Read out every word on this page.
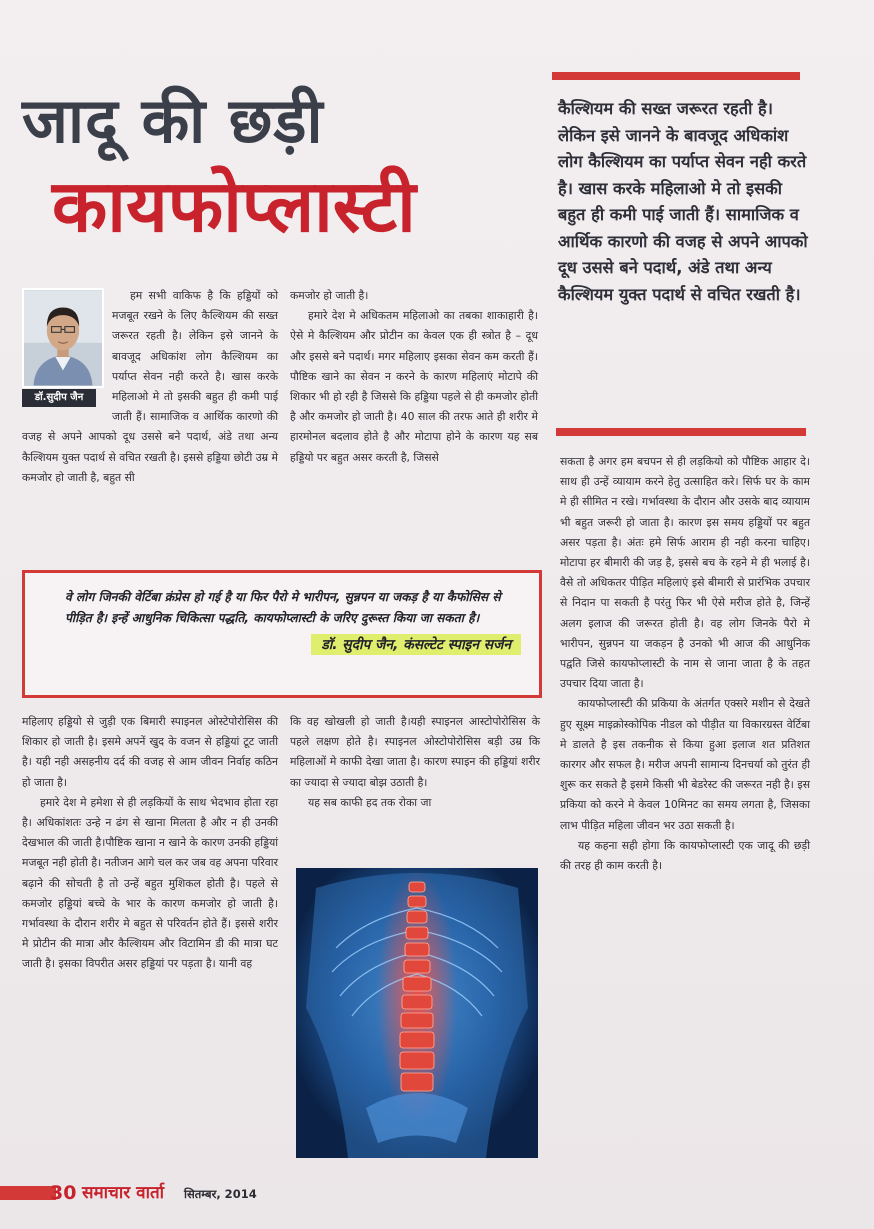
जादू की छड़ी
कायफोप्लास्टी
कैल्शियम की सख्त जरूरत रहती है। लेकिन इसे जानने के बावजूद अधिकांश लोग कैल्शियम का पर्याप्त सेवन नही करते है। खास करके महिलाओ मे तो इसकी बहुत ही कमी पाई जाती हैं। सामाजिक व आर्थिक कारणो की वजह से अपने आपको दूध उससे बने पदार्थ, अंडे तथा अन्य कैल्शियम युक्त पदार्थ से वचित रखती है।
डॉ.सुदीप जैन

हम सभी वाकिफ है कि हड्डियों को मजबूत रखने के लिए कैल्शियम की सख्त जरूरत रहती है। लेकिन इसे जानने के बावजूद अधिकांश लोग कैल्शियम का पर्याप्त सेवन नही करते है। खास करके महिलाओ मे तो इसकी बहुत ही कमी पाई जाती हैं। सामाजिक व आर्थिक कारणो की वजह से अपने आपको दूध उससे बने पदार्थ, अंडे तथा अन्य कैल्शियम युक्त पदार्थ से वचित रखती है। इससे हड्डिया छोटी उम्र मे कमजोर हो जाती है, बहुत सी

कमजोर हो जाती है।

हमारे देश मे अधिकतम महिलाओ का तबका शाकाहारी है। ऐसे मे कैल्शियम और प्रोटीन का केवल एक ही स्त्रोत है – दूध और इससे बने पदार्थ। मगर महिलाए इसका सेवन कम करती हैं। पौष्टिक खाने का सेवन न करने के कारण महिलाएं मोटापे की शिकार भी हो रही है जिससे कि हड्डिया पहले से ही कमजोर होती है और कमजोर हो जाती है। 40 साल की तरफ आते ही शरीर मे हारमोनल बदलाव होते है और मोटापा होने के कारण यह सब हड्डियो पर बहुत असर करती है, जिससे

वे लोग जिनकी वेर्टिबा क्रंप्रेस हो गई है या फिर पैरो मे भारीपन, सुन्नपन या जकड़ है या कैफोसिस से पीड़ित है। इन्हें आधुनिक चिकित्सा पद्धति, कायफोप्लास्टी के जरिए दुरूस्त किया जा सकता है।
डॉ. सुदीप जैन, कंसल्टेट स्पाइन सर्जन

महिलाए हड्डियो से जुड़ी एक बिमारी स्पाइनल ओस्टेपोरोसिस की शिकार हो जाती है। इसमे अपनें खुद के वजन से हड्डियां टूट जाती है। यही नही असहनीय दर्द की वजह से आम जीवन निर्वाह कठिन हो जाता है।

हमारे देश मे हमेशा से ही लड़कियों के साथ भेदभाव होता रहा है। अधिकांशतः उन्हे न ढंग से खाना मिलता है और न ही उनकी देखभाल की जाती है।पौष्टिक खाना न खाने के कारण उनकी हड्डियां मजबूत नही होती है। नतीजन आगे चल कर जब वह अपना परिवार बढ़ाने की सोचती है तो उन्हें बहुत मुशिकल होती है। पहले से कमजोर हड्डियां बच्चे के भार के कारण कमजोर हो जाती है। गर्भावस्था के दौरान शरीर मे बहुत से परिवर्तन होते हैं। इससे शरीर मे प्रोटीन की मात्रा और कैल्शियम और विटामिन डी की मात्रा घट जाती है। इसका विपरीत असर हड्डियां पर पड़ता है। यानी वह

कि वह खोखली हो जाती है।यही स्पाइनल आस्टोपोरोसिस के पहले लक्षण होते है। स्पाइनल ओस्टोपोरोसिस बड़ी उम्र कि महिलाओं मे काफी देखा जाता है। कारण स्पाइन की हड्डियां शरीर का ज्यादा से ज्यादा बोझ उठाती है।

यह सब काफी हद तक रोका जा

सकता है अगर हम बचपन से ही लड़कियो को पौष्टिक आहार दे। साथ ही उन्हें व्यायाम करने हेतु उत्साहित करे। सिर्फ घर के काम मे ही सीमित न रखे। गर्भावस्था के दौरान और उसके बाद व्यायाम भी बहुत जरूरी हो जाता है। कारण इस समय हड्डियों पर बहुत असर पड़ता है। अंतः हमे सिर्फ आराम ही नही करना चाहिए। मोटापा हर बीमारी की जड़ है, इससे बच के रहने मे ही भलाई है। वैसे तो अधिकतर पीड़ित महिलाएं इसे बीमारी से प्रारंभिक उपचार से निदान पा सकती है परंतु फिर भी ऐसे मरीज होते है, जिन्हें अलग इलाज की जरूरत होती है। वह लोग जिनके पैरो मे भारीपन, सुन्नपन या जकड़न है उनको भी आज की आधुनिक पद्वति जिसे कायफोप्लास्टी के नाम से जाना जाता है के तहत उपचार दिया जाता है।

कायफोप्लास्टी की प्रकिया के अंतर्गत एक्सरे मशीन से देखते हुए सूक्ष्म माइक्रोस्कोपिक नीडल को पीड़ीत या विकारग्रस्त वेर्टिबा मे डालते है इस तकनीक से किया हुआ इलाज शत प्रतिशत कारगर और सफल है। मरीज अपनी सामान्य दिनचर्या को तुरंत ही शुरू कर सकते है इसमे किसी भी बेडरेस्ट की जरूरत नही है। इस प्रकिया को करने मे केवल 10मिनट का समय लगता है, जिसका लाभ पीड़ित महिला जीवन भर उठा सकती है।

यह कहना सही होगा कि कायफोप्लास्टी एक जादू की छड़ी की तरह ही काम करती है।

30 समाचार वार्ता सितम्बर, 2014
